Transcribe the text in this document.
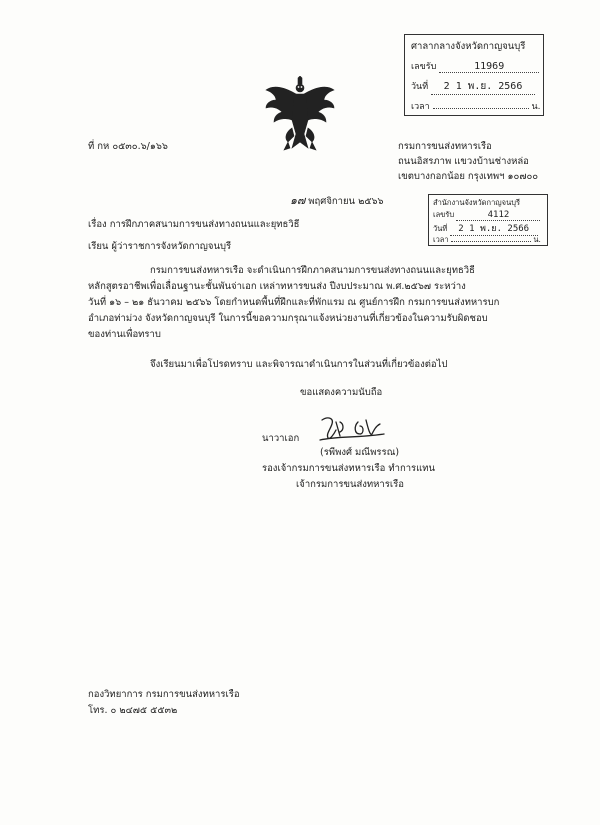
ศาลากลางจังหวัดกาญจนบุรี
เลขรับ	11969
วันที่ 2 1 พ.ย. 2566
เวลา	น.
ที่ กห ๐๕๓๐.๖/๑๖๖	กรมการขนส่งทหารเรือ
ถนนอิสรภาพ แขวงบ้านช่างหล่อ
เขตบางกอกน้อย กรุงเทพฯ ๑๐๗๐๐
๑๗ พฤศจิกายน ๒๕๖๖	สำนักงานจังหวัดกาญจนบุรี
เลขรับ	4112
วันที่ 2 1 พ.ย. 2566
เวลา	น.
เรื่อง การฝึกภาคสนามการขนส่งทางถนนและยุทธวิธี
เรียน ผู้ว่าราชการจังหวัดกาญจนบุรี
กรมการขนส่งทหารเรือ จะดำเนินการฝึกภาคสนามการขนส่งทางถนนและยุทธวิธี
หลักสูตรอาชีพเพื่อเลื่อนฐานะชั้นพันจ่าเอก เหล่าทหารขนส่ง ปีงบประมาณ พ.ศ.๒๕๖๗ ระหว่าง
วันที่ ๑๖ – ๒๑ ธันวาคม ๒๕๖๖ โดยกำหนดพื้นที่ฝึกและที่พักแรม ณ ศูนย์การฝึก กรมการขนส่งทหารบก
อำเภอท่าม่วง จังหวัดกาญจนบุรี ในการนี้ขอความกรุณาแจ้งหน่วยงานที่เกี่ยวข้องในความรับผิดชอบ
ของท่านเพื่อทราบ
จึงเรียนมาเพื่อโปรดทราบ และพิจารณาดำเนินการในส่วนที่เกี่ยวข้องต่อไป
ขอแสดงความนับถือ
นาวาเอก
(รพีพงศ์ มณีพรรณ)
รองเจ้ากรมการขนส่งทหารเรือ ทำการแทน
เจ้ากรมการขนส่งทหารเรือ
กองวิทยาการ กรมการขนส่งทหารเรือ
โทร. ๐ ๒๔๗๕ ๕๕๓๒
